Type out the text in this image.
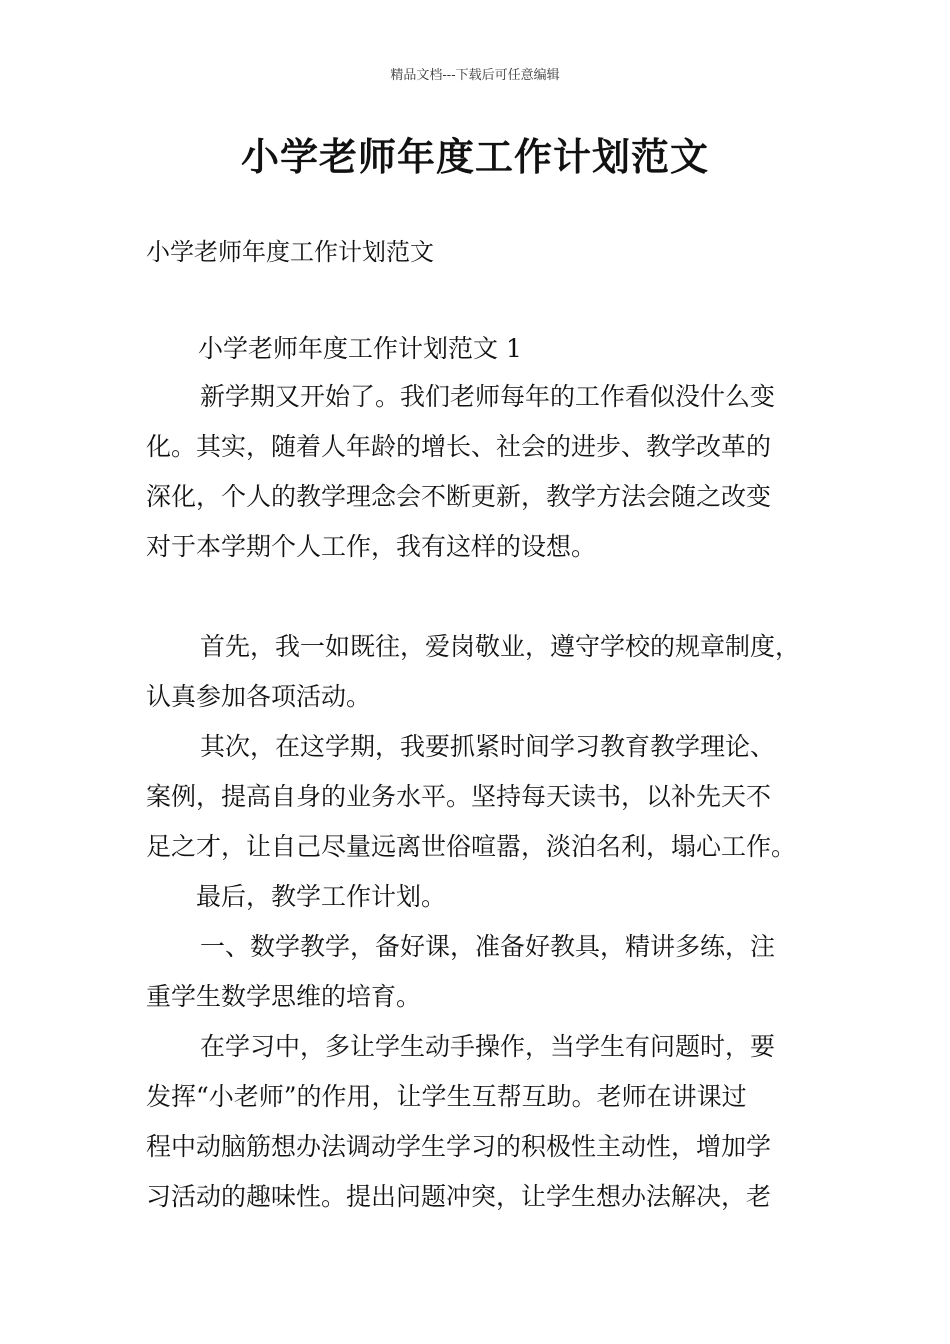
精品文档---下载后可任意编辑
小学老师年度工作计划范文

小学老师年度工作计划范文

小学老师年度工作计划范文 1

新学期又开始了。我们老师每年的工作看似没什么变

化。其实，随着人年龄的增长、社会的进步、教学改革的

深化，个人的教学理念会不断更新，教学方法会随之改变

对于本学期个人工作，我有这样的设想。

首先，我一如既往，爱岗敬业，遵守学校的规章制度，

认真参加各项活动。

其次，在这学期，我要抓紧时间学习教育教学理论、

案例，提高自身的业务水平。坚持每天读书，以补先天不

足之才，让自己尽量远离世俗喧嚣，淡泊名利，塌心工作。

最后，教学工作计划。

一、数学教学，备好课，准备好教具，精讲多练，注

重学生数学思维的培育。

在学习中，多让学生动手操作，当学生有问题时，要

发挥“小老师”的作用，让学生互帮互助。老师在讲课过

程中动脑筋想办法调动学生学习的积极性主动性，增加学

习活动的趣味性。提出问题冲突，让学生想办法解决，老
